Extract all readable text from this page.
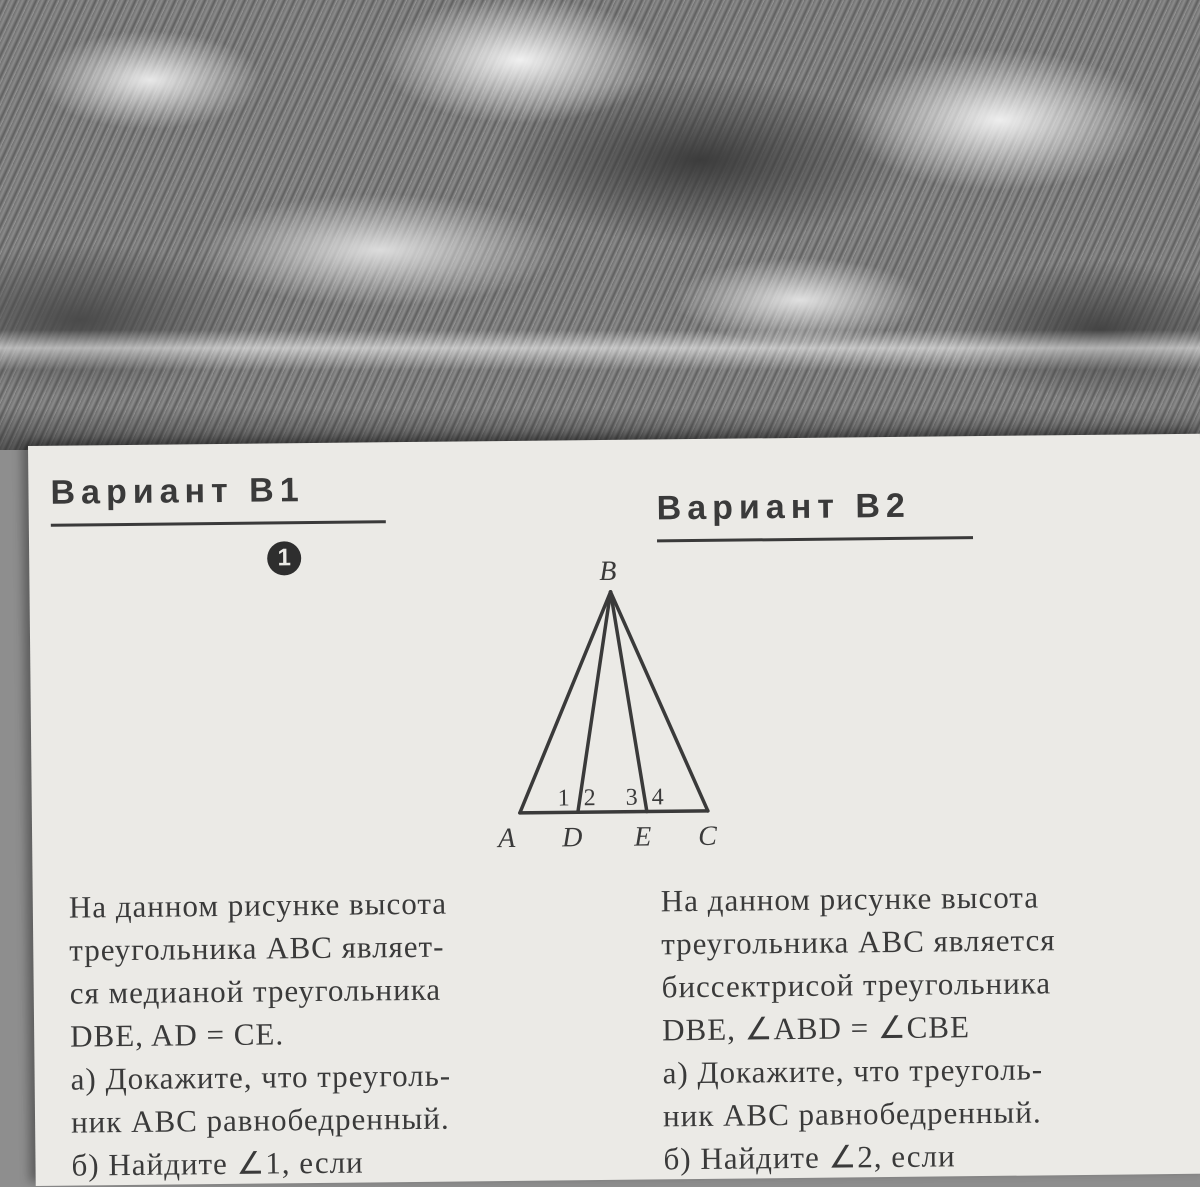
Вариант В1
1
Вариант В2
B
A D E C
1 2 3 4
На данном рисунке высота
треугольника ABC являет-
ся медианой треугольника
DBE, AD = CE.
а) Докажите, что треуголь-
ник ABC равнобедренный.
б) Найдите ∠1, если
На данном рисунке высота
треугольника ABC является
биссектрисой треугольника
DBE, ∠ABD = ∠CBE
а) Докажите, что треуголь-
ник ABC равнобедренный.
б) Найдите ∠2, если
